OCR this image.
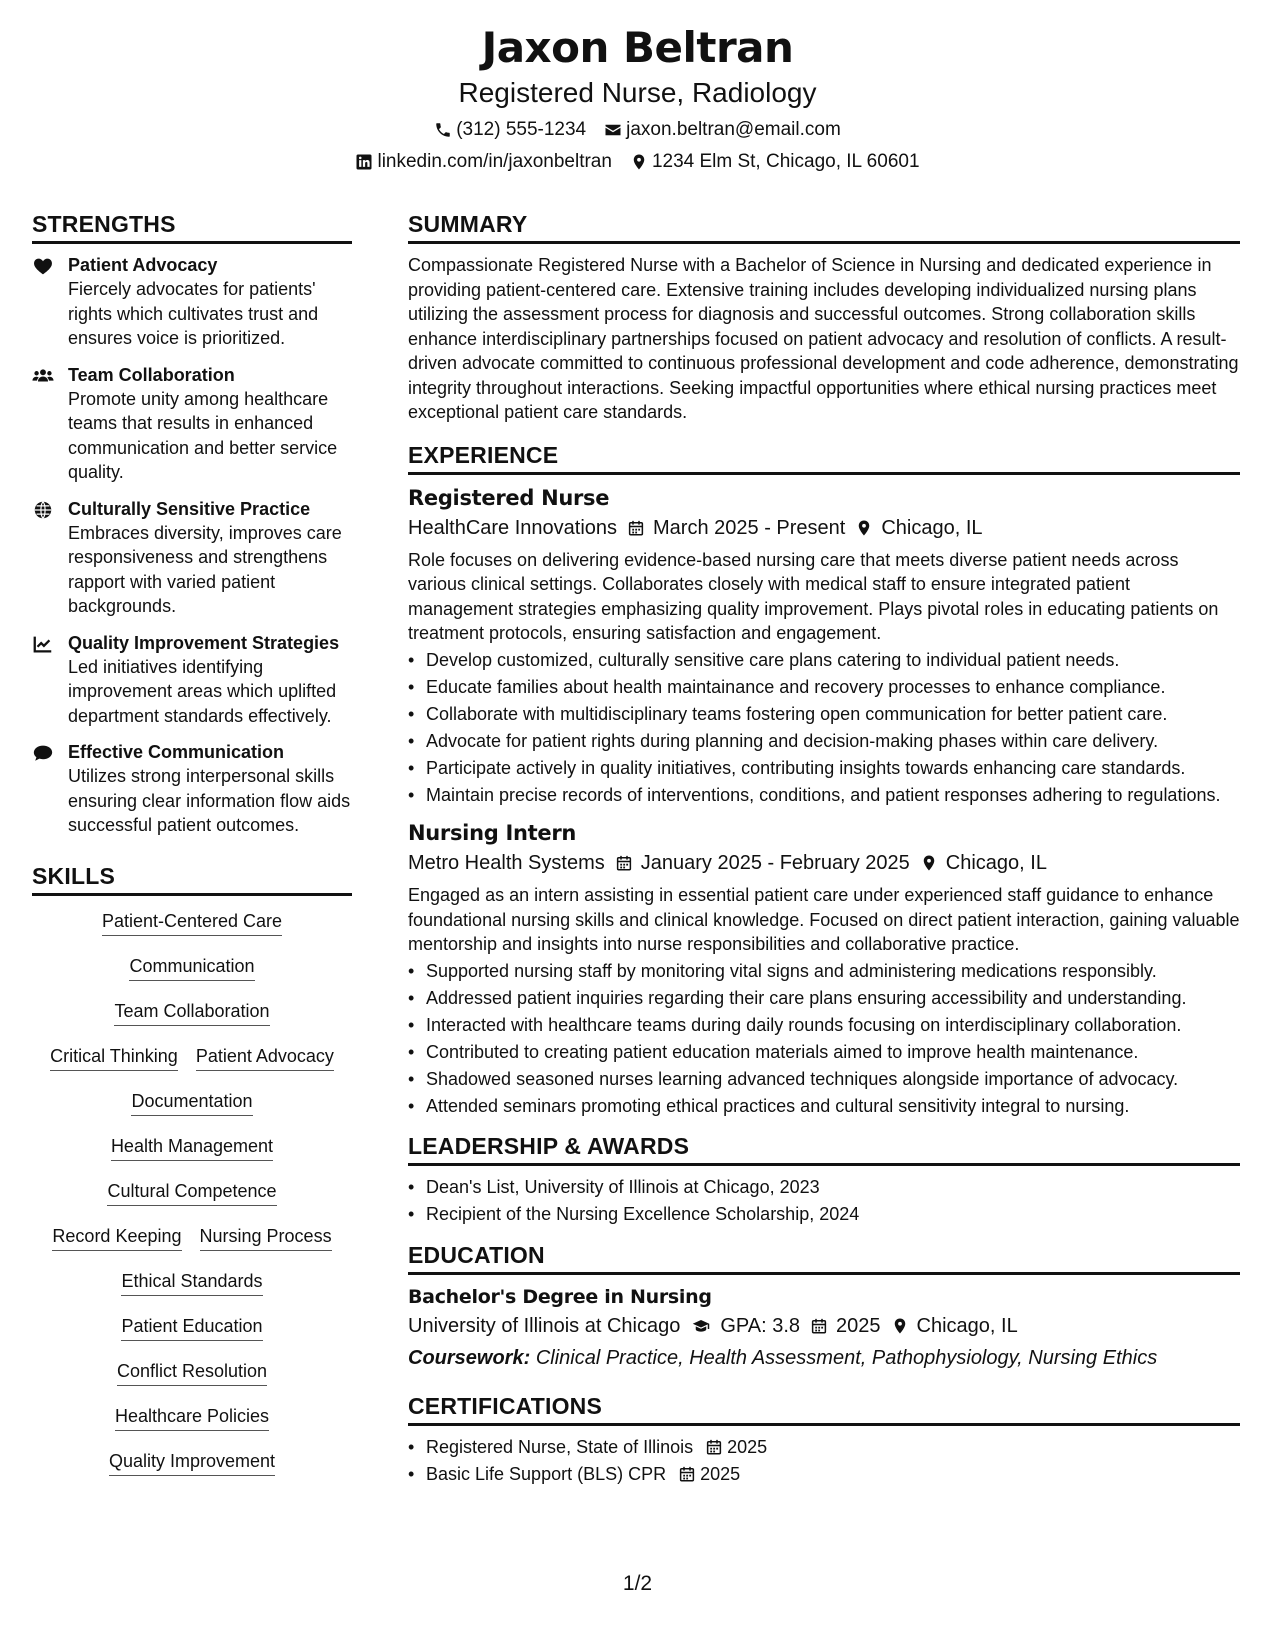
Jaxon Beltran
Registered Nurse, Radiology
(312) 555-1234 jaxon.beltran@email.com
linkedin.com/in/jaxonbeltran 1234 Elm St, Chicago, IL 60601
STRENGTHS
Patient Advocacy
Fiercely advocates for patients' rights which cultivates trust and ensures voice is prioritized.
Team Collaboration
Promote unity among healthcare teams that results in enhanced communication and better service quality.
Culturally Sensitive Practice
Embraces diversity, improves care responsiveness and strengthens rapport with varied patient backgrounds.
Quality Improvement Strategies
Led initiatives identifying improvement areas which uplifted department standards effectively.
Effective Communication
Utilizes strong interpersonal skills ensuring clear information flow aids successful patient outcomes.
SKILLS
Patient-Centered Care
Communication
Team Collaboration
Critical Thinking Patient Advocacy
Documentation
Health Management
Cultural Competence
Record Keeping Nursing Process
Ethical Standards
Patient Education
Conflict Resolution
Healthcare Policies
Quality Improvement
SUMMARY
Compassionate Registered Nurse with a Bachelor of Science in Nursing and dedicated experience in providing patient-centered care. Extensive training includes developing individualized nursing plans utilizing the assessment process for diagnosis and successful outcomes. Strong collaboration skills enhance interdisciplinary partnerships focused on patient advocacy and resolution of conflicts. A result-driven advocate committed to continuous professional development and code adherence, demonstrating integrity throughout interactions. Seeking impactful opportunities where ethical nursing practices meet exceptional patient care standards.
EXPERIENCE
Registered Nurse
HealthCare Innovations March 2025 - Present Chicago, IL
Role focuses on delivering evidence-based nursing care that meets diverse patient needs across various clinical settings. Collaborates closely with medical staff to ensure integrated patient management strategies emphasizing quality improvement. Plays pivotal roles in educating patients on treatment protocols, ensuring satisfaction and engagement.
• Develop customized, culturally sensitive care plans catering to individual patient needs.
• Educate families about health maintainance and recovery processes to enhance compliance.
• Collaborate with multidisciplinary teams fostering open communication for better patient care.
• Advocate for patient rights during planning and decision-making phases within care delivery.
• Participate actively in quality initiatives, contributing insights towards enhancing care standards.
• Maintain precise records of interventions, conditions, and patient responses adhering to regulations.
Nursing Intern
Metro Health Systems January 2025 - February 2025 Chicago, IL
Engaged as an intern assisting in essential patient care under experienced staff guidance to enhance foundational nursing skills and clinical knowledge. Focused on direct patient interaction, gaining valuable mentorship and insights into nurse responsibilities and collaborative practice.
• Supported nursing staff by monitoring vital signs and administering medications responsibly.
• Addressed patient inquiries regarding their care plans ensuring accessibility and understanding.
• Interacted with healthcare teams during daily rounds focusing on interdisciplinary collaboration.
• Contributed to creating patient education materials aimed to improve health maintenance.
• Shadowed seasoned nurses learning advanced techniques alongside importance of advocacy.
• Attended seminars promoting ethical practices and cultural sensitivity integral to nursing.
LEADERSHIP & AWARDS
• Dean's List, University of Illinois at Chicago, 2023
• Recipient of the Nursing Excellence Scholarship, 2024
EDUCATION
Bachelor's Degree in Nursing
University of Illinois at Chicago GPA: 3.8 2025 Chicago, IL
Coursework: Clinical Practice, Health Assessment, Pathophysiology, Nursing Ethics
CERTIFICATIONS
• Registered Nurse, State of Illinois 2025
• Basic Life Support (BLS) CPR 2025
1/2
